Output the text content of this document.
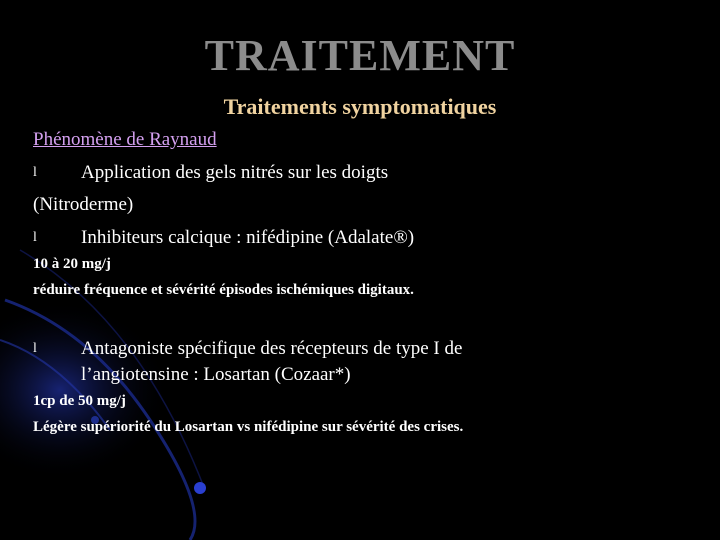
TRAITEMENT
Traitements symptomatiques
Phénomène de Raynaud
l	Application des gels nitrés sur les doigts
(Nitroderme)
l	Inhibiteurs calcique : nifédipine (Adalate®)
10 à 20 mg/j
réduire fréquence et sévérité épisodes ischémiques digitaux.
l	Antagoniste spécifique des récepteurs de type I de
l’angiotensine : Losartan (Cozaar*)
1cp de 50 mg/j
Légère supériorité du Losartan vs nifédipine sur sévérité des crises.
